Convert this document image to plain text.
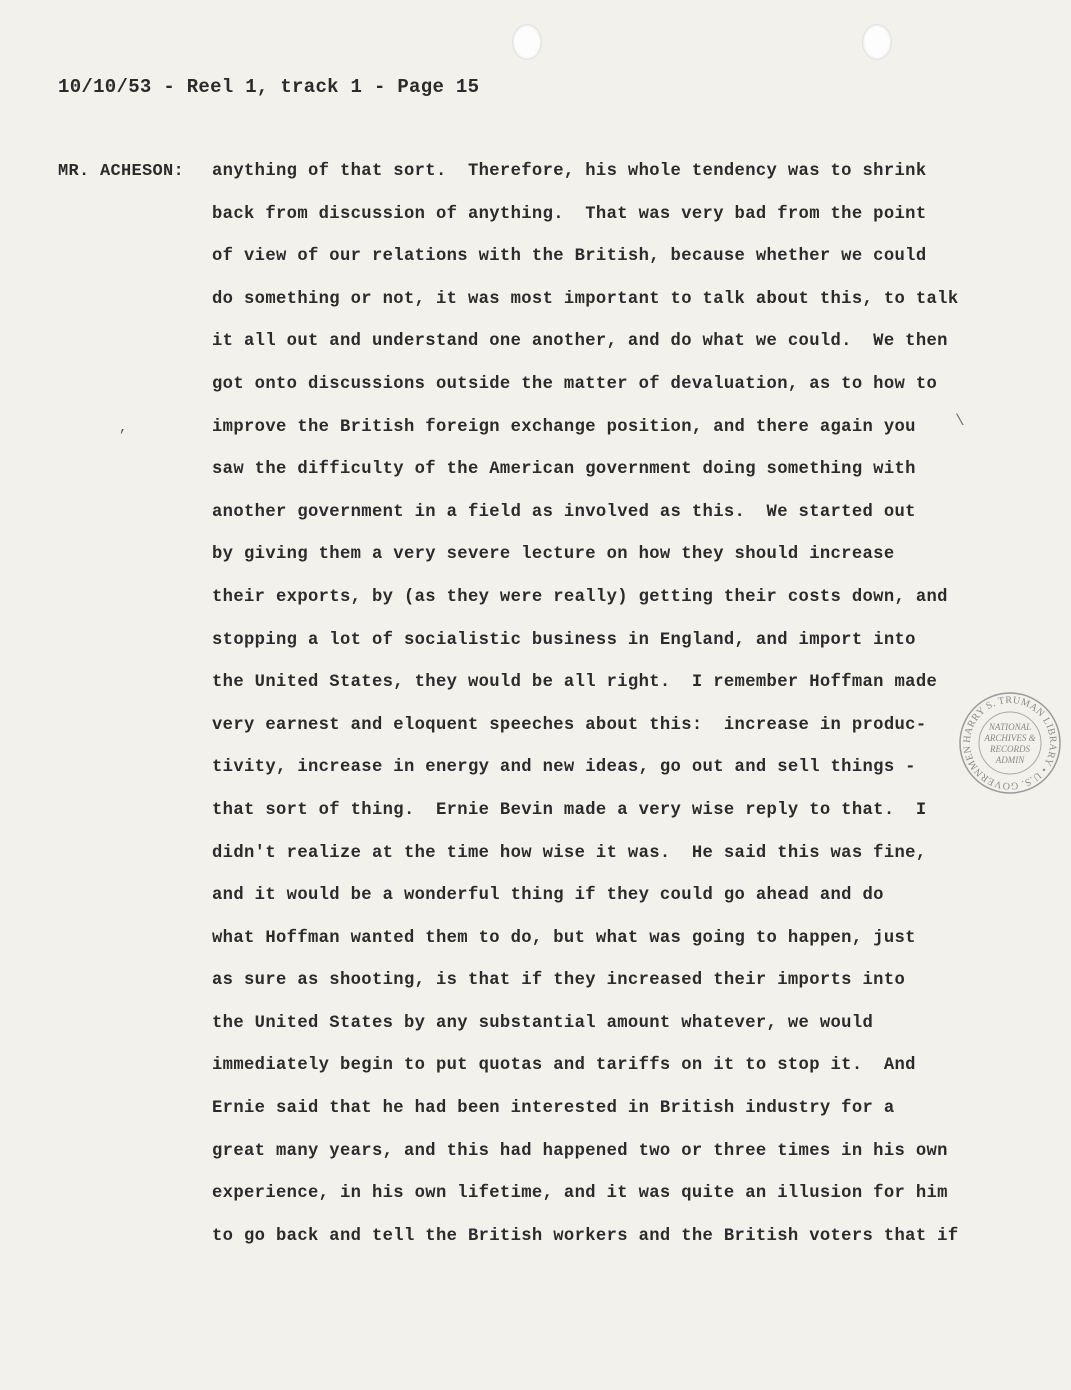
10/10/53 - Reel 1, track 1 - Page 15
MR. ACHESON:
,	\
anything of that sort.  Therefore, his whole tendency was to shrink
back from discussion of anything.  That was very bad from the point
of view of our relations with the British, because whether we could
do something or not, it was most important to talk about this, to talk
it all out and understand one another, and do what we could.  We then
got onto discussions outside the matter of devaluation, as to how to
improve the British foreign exchange position, and there again you
saw the difficulty of the American government doing something with
another government in a field as involved as this.  We started out
by giving them a very severe lecture on how they should increase
their exports, by (as they were really) getting their costs down, and
stopping a lot of socialistic business in England, and import into
the United States, they would be all right.  I remember Hoffman made
very earnest and eloquent speeches about this:  increase in produc-
tivity, increase in energy and new ideas, go out and sell things -
that sort of thing.  Ernie Bevin made a very wise reply to that.  I
didn't realize at the time how wise it was.  He said this was fine,
and it would be a wonderful thing if they could go ahead and do
what Hoffman wanted them to do, but what was going to happen, just
as sure as shooting, is that if they increased their imports into
the United States by any substantial amount whatever, we would
immediately begin to put quotas and tariffs on it to stop it.  And
Ernie said that he had been interested in British industry for a
great many years, and this had happened two or three times in his own
experience, in his own lifetime, and it was quite an illusion for him
to go back and tell the British workers and the British voters that if
HARRY S. TRUMAN LIBRARY • U.S. GOVERNMEN
NATIONAL
ARCHIVES &
RECORDS
ADMIN
